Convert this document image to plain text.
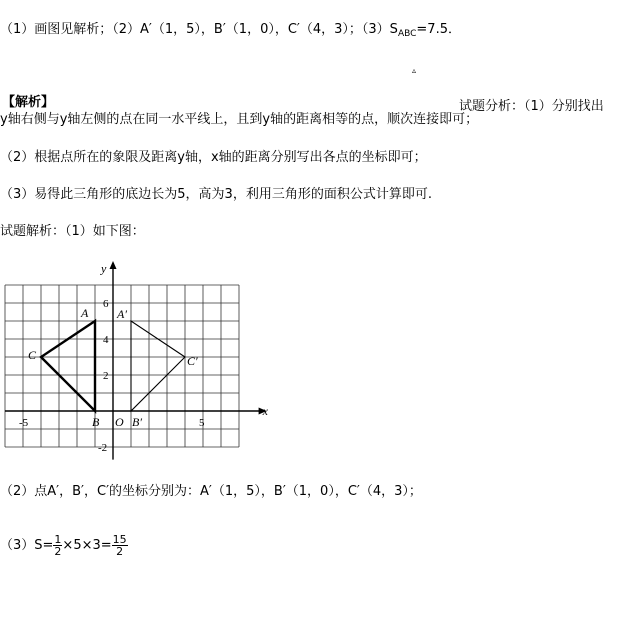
（1）画图见解析；（2）A′（1，5），B′（1，0），C′（4，3）；$(3)S_{ABC}=7.5$．
▵
【解析】	试题分析：（1）分别找出
y轴右侧与y轴左侧的点在同一水平线上，且到y轴的距离相等的点，顺次连接即可；
（2）根据点所在的象限及距离y轴，x轴的距离分别写出各点的坐标即可；
（3）易得此三角形的底边长为5，高为3，利用三角形的面积公式计算即可.
试题解析：（1）如下图：
x
y
O
-5	5
6
4
2
-2
A
B
C
A′
B′
C′
（2）点A′，B′，C′的坐标分别为：A′（1，5），B′（1，0），C′（4，3）；
$(3)S= \frac{1}{2} \times 5\times 3= \frac{15}{2}$
